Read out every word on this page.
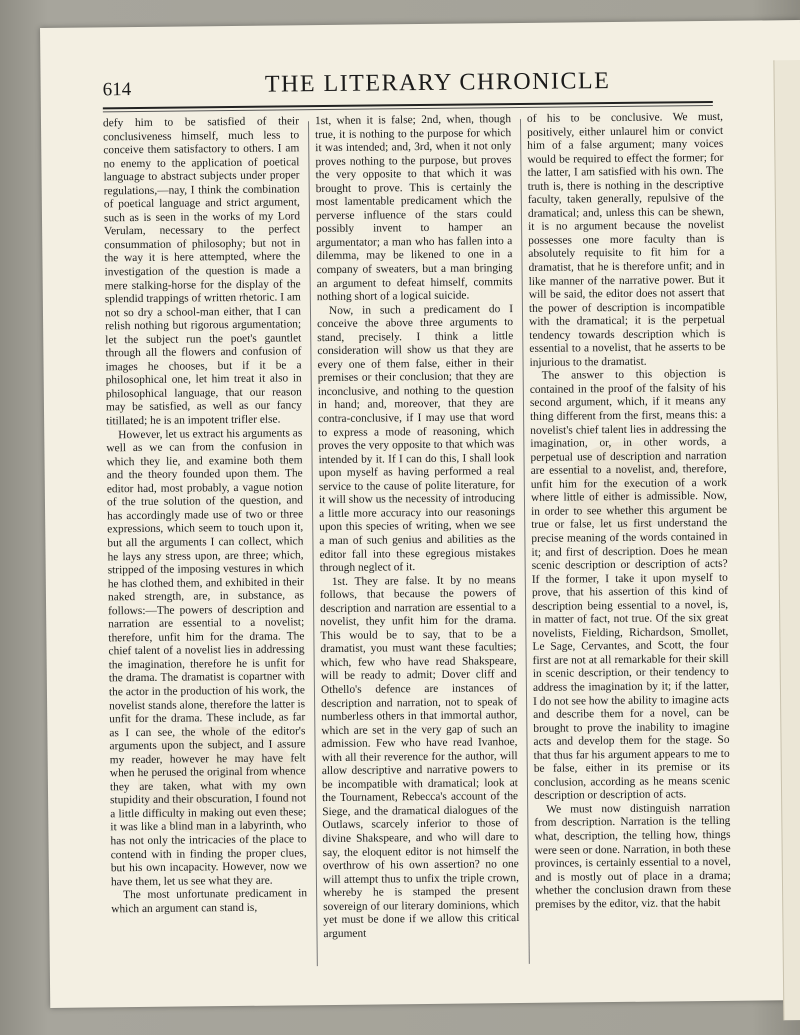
614	THE LITERARY CHRONICLE

defy him to be satisfied of their conclusiveness himself, much less to conceive them satisfactory to others. I am no enemy to the application of poetical language to abstract subjects under proper regulations,—nay, I think the combination of poetical language and strict argument, such as is seen in the works of my Lord Verulam, necessary to the perfect consummation of philosophy; but not in the way it is here attempted, where the investigation of the question is made a mere stalking-horse for the display of the splendid trappings of written rhetoric. I am not so dry a school-man either, that I can relish nothing but rigorous argumentation; let the subject run the poet's gauntlet through all the flowers and confusion of images he chooses, but if it be a philosophical one, let him treat it also in philosophical language, that our reason may be satisfied, as well as our fancy titillated; he is an impotent trifler else.

However, let us extract his arguments as well as we can from the confusion in which they lie, and examine both them and the theory founded upon them. The editor had, most probably, a vague notion of the true solution of the question, and has accordingly made use of two or three expressions, which seem to touch upon it, but all the arguments I can collect, which he lays any stress upon, are three; which, stripped of the imposing vestures in which he has clothed them, and exhibited in their naked strength, are, in substance, as follows:—The powers of description and narration are essential to a novelist; therefore, unfit him for the drama. The chief talent of a novelist lies in addressing the imagination, therefore he is unfit for the drama. The dramatist is copartner with the actor in the production of his work, the novelist stands alone, therefore the latter is unfit for the drama. These include, as far as I can see, the whole of the editor's arguments upon the subject, and I assure my reader, however he may have felt when he perused the original from whence they are taken, what with my own stupidity and their obscuration, I found not a little difficulty in making out even these; it was like a blind man in a labyrinth, who has not only the intricacies of the place to contend with in finding the proper clues, but his own incapacity. However, now we have them, let us see what they are.

The most unfortunate predicament in which an argument can stand is,

1st, when it is false; 2nd, when, though true, it is nothing to the purpose for which it was intended; and, 3rd, when it not only proves nothing to the purpose, but proves the very opposite to that which it was brought to prove. This is certainly the most lamentable predicament which the perverse influence of the stars could possibly invent to hamper an argumentator; a man who has fallen into a dilemma, may be likened to one in a company of sweaters, but a man bringing an argument to defeat himself, commits nothing short of a logical suicide.

Now, in such a predicament do I conceive the above three arguments to stand, precisely. I think a little consideration will show us that they are every one of them false, either in their premises or their conclusion; that they are inconclusive, and nothing to the question in hand; and, moreover, that they are contra-conclusive, if I may use that word to express a mode of reasoning, which proves the very opposite to that which was intended by it. If I can do this, I shall look upon myself as having performed a real service to the cause of polite literature, for it will show us the necessity of introducing a little more accuracy into our reasonings upon this species of writing, when we see a man of such genius and abilities as the editor fall into these egregious mistakes through neglect of it.

1st. They are false. It by no means follows, that because the powers of description and narration are essential to a novelist, they unfit him for the drama. This would be to say, that to be a dramatist, you must want these faculties; which, few who have read Shakspeare, will be ready to admit; Dover cliff and Othello's defence are instances of description and narration, not to speak of numberless others in that immortal author, which are set in the very gap of such an admission. Few who have read Ivanhoe, with all their reverence for the author, will allow descriptive and narrative powers to be incompatible with dramatical; look at the Tournament, Rebecca's account of the Siege, and the dramatical dialogues of the Outlaws, scarcely inferior to those of divine Shakspeare, and who will dare to say, the eloquent editor is not himself the overthrow of his own assertion? no one will attempt thus to unfix the triple crown, whereby he is stamped the present sovereign of our literary dominions, which yet must be done if we allow this critical argument

of his to be conclusive. We must, positively, either unlaurel him or convict him of a false argument; many voices would be required to effect the former; for the latter, I am satisfied with his own. The truth is, there is nothing in the descriptive faculty, taken generally, repulsive of the dramatical; and, unless this can be shewn, it is no argument because the novelist possesses one more faculty than is absolutely requisite to fit him for a dramatist, that he is therefore unfit; and in like manner of the narrative power. But it will be said, the editor does not assert that the power of description is incompatible with the dramatical; it is the perpetual tendency towards description which is essential to a novelist, that he asserts to be injurious to the dramatist.

The answer to this objection is contained in the proof of the falsity of his second argument, which, if it means any thing different from the first, means this: a novelist's chief talent lies in addressing the imagination, or, in other words, a perpetual use of description and narration are essential to a novelist, and, therefore, unfit him for the execution of a work where little of either is admissible. Now, in order to see whether this argument be true or false, let us first understand the precise meaning of the words contained in it; and first of description. Does he mean scenic description or description of acts? If the former, I take it upon myself to prove, that his assertion of this kind of description being essential to a novel, is, in matter of fact, not true. Of the six great novelists, Fielding, Richardson, Smollet, Le Sage, Cervantes, and Scott, the four first are not at all remarkable for their skill in scenic description, or their tendency to address the imagination by it; if the latter, I do not see how the ability to imagine acts and describe them for a novel, can be brought to prove the inability to imagine acts and develop them for the stage. So that thus far his argument appears to me to be false, either in its premise or its conclusion, according as he means scenic description or description of acts.

We must now distinguish narration from description. Narration is the telling what, description, the telling how, things were seen or done. Narration, in both these provinces, is certainly essential to a novel, and is mostly out of place in a drama; whether the conclusion drawn from these premises by the editor, viz. that the habit
